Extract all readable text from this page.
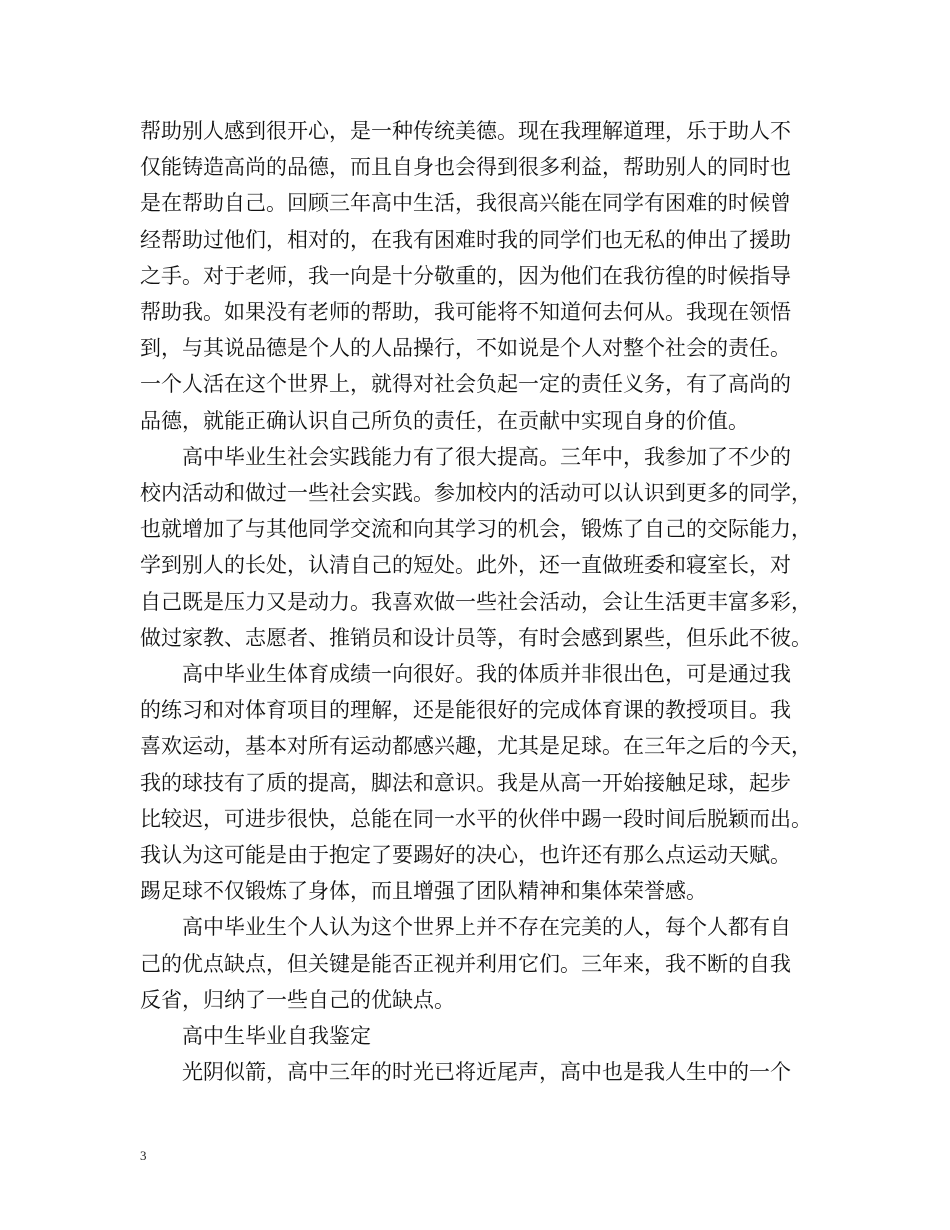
帮助别人感到很开心，是一种传统美德。现在我理解道理，乐于助人不
仅能铸造高尚的品德，而且自身也会得到很多利益，帮助别人的同时也
是在帮助自己。回顾三年高中生活，我很高兴能在同学有困难的时候曾
经帮助过他们，相对的，在我有困难时我的同学们也无私的伸出了援助
之手。对于老师，我一向是十分敬重的，因为他们在我彷徨的时候指导
帮助我。如果没有老师的帮助，我可能将不知道何去何从。我现在领悟
到，与其说品德是个人的人品操行，不如说是个人对整个社会的责任。
一个人活在这个世界上，就得对社会负起一定的责任义务，有了高尚的
品德，就能正确认识自己所负的责任，在贡献中实现自身的价值。
高中毕业生社会实践能力有了很大提高。三年中，我参加了不少的
校内活动和做过一些社会实践。参加校内的活动可以认识到更多的同学，
也就增加了与其他同学交流和向其学习的机会，锻炼了自己的交际能力，
学到别人的长处，认清自己的短处。此外，还一直做班委和寝室长，对
自己既是压力又是动力。我喜欢做一些社会活动，会让生活更丰富多彩，
做过家教、志愿者、推销员和设计员等，有时会感到累些，但乐此不彼。
高中毕业生体育成绩一向很好。我的体质并非很出色，可是通过我
的练习和对体育项目的理解，还是能很好的完成体育课的教授项目。我
喜欢运动，基本对所有运动都感兴趣，尤其是足球。在三年之后的今天，
我的球技有了质的提高，脚法和意识。我是从高一开始接触足球，起步
比较迟，可进步很快，总能在同一水平的伙伴中踢一段时间后脱颖而出。
我认为这可能是由于抱定了要踢好的决心，也许还有那么点运动天赋。
踢足球不仅锻炼了身体，而且增强了团队精神和集体荣誉感。
高中毕业生个人认为这个世界上并不存在完美的人，每个人都有自
己的优点缺点，但关键是能否正视并利用它们。三年来，我不断的自我
反省，归纳了一些自己的优缺点。
高中生毕业自我鉴定
光阴似箭，高中三年的时光已将近尾声，高中也是我人生中的一个
3
